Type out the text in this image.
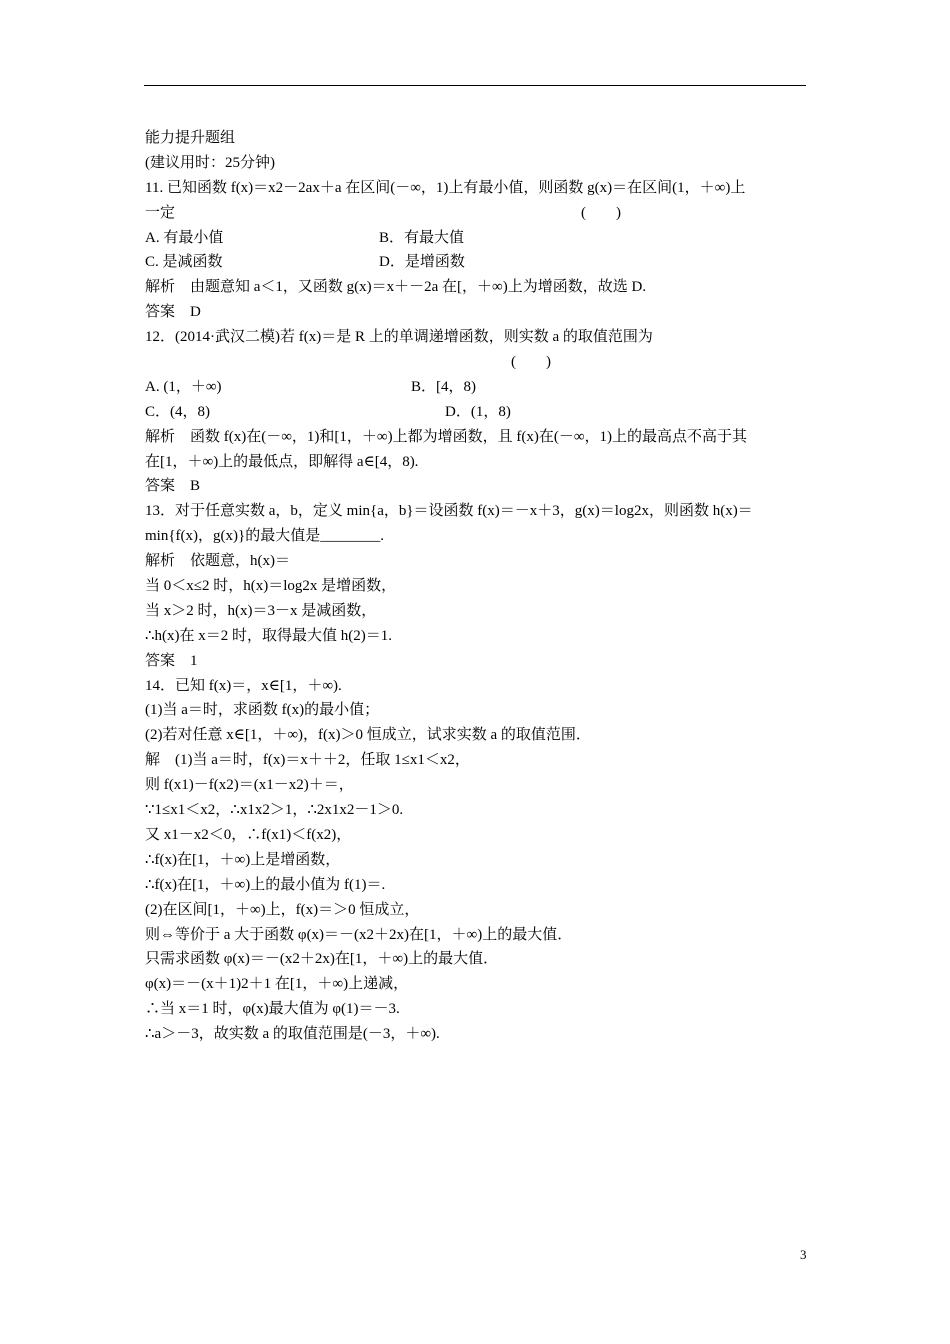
能力提升题组
(建议用时：25分钟)
11. 已知函数 f(x)＝x2－2ax＋a 在区间(－∞，1)上有最小值，则函数 g(x)＝在区间(1，＋∞)上
一定	(　　)
A. 有最小值	B．有最大值
C. 是减函数	D．是增函数
解析　由题意知 a＜1，又函数 g(x)＝x＋－2a 在[，＋∞)上为增函数，故选 D.
答案　D
12．(2014·武汉二模)若 f(x)＝是 R 上的单调递增函数，则实数 a 的取值范围为
(　　)
A. (1，＋∞)	B．[4，8)
C．(4，8)	D．(1，8)
解析　函数 f(x)在(－∞，1)和[1，＋∞)上都为增函数，且 f(x)在(－∞，1)上的最高点不高于其
在[1，＋∞)上的最低点，即解得 a∈[4，8).
答案　B
13．对于任意实数 a，b，定义 min{a，b}＝设函数 f(x)＝－x＋3，g(x)＝log2x，则函数 h(x)＝
min{f(x)，g(x)}的最大值是________.
解析　依题意，h(x)＝
当 0＜x≤2 时，h(x)＝log2x 是增函数，
当 x＞2 时，h(x)＝3－x 是减函数，
∴h(x)在 x＝2 时，取得最大值 h(2)＝1.
答案　1
14．已知 f(x)＝，x∈[1，＋∞).
(1)当 a＝时，求函数 f(x)的最小值；
(2)若对任意 x∈[1，＋∞)，f(x)＞0 恒成立，试求实数 a 的取值范围．
解　(1)当 a＝时，f(x)＝x＋＋2，任取 1≤x1＜x2，
则 f(x1)－f(x2)＝(x1－x2)＋＝，
∵1≤x1＜x2，∴x1x2＞1，∴2x1x2－1＞0.
又 x1－x2＜0，∴f(x1)＜f(x2)，
∴f(x)在[1，＋∞)上是增函数，
∴f(x)在[1，＋∞)上的最小值为 f(1)＝.
(2)在区间[1，＋∞)上，f(x)＝＞0 恒成立，
则⇔等价于 a 大于函数 φ(x)＝－(x2＋2x)在[1，＋∞)上的最大值．
只需求函数 φ(x)＝－(x2＋2x)在[1，＋∞)上的最大值．
φ(x)＝－(x＋1)2＋1 在[1，＋∞)上递减，
∴当 x＝1 时，φ(x)最大值为 φ(1)＝－3.
∴a＞－3，故实数 a 的取值范围是(－3，＋∞).
3
